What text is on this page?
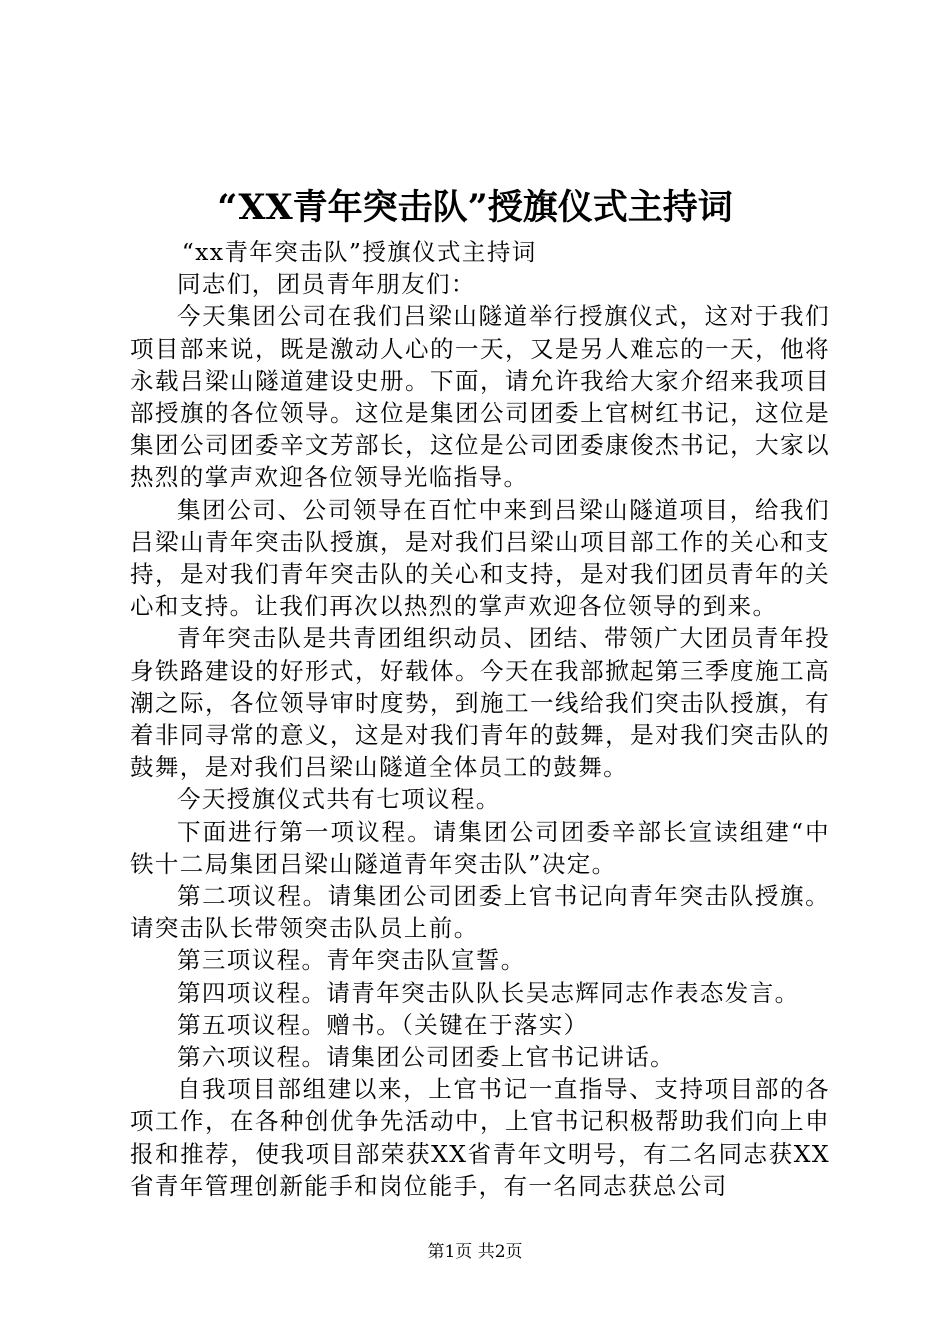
“XX青年突击队”授旗仪式主持词

“xx青年突击队”授旗仪式主持词

同志们，团员青年朋友们：

今天集团公司在我们吕梁山隧道举行授旗仪式，这对于我们项目部来说，既是激动人心的一天，又是另人难忘的一天，他将永载吕梁山隧道建设史册。下面，请允许我给大家介绍来我项目部授旗的各位领导。这位是集团公司团委上官树红书记，这位是集团公司团委辛文芳部长，这位是公司团委康俊杰书记，大家以热烈的掌声欢迎各位领导光临指导。

集团公司、公司领导在百忙中来到吕梁山隧道项目，给我们吕梁山青年突击队授旗，是对我们吕梁山项目部工作的关心和支持，是对我们青年突击队的关心和支持，是对我们团员青年的关心和支持。让我们再次以热烈的掌声欢迎各位领导的到来。

青年突击队是共青团组织动员、团结、带领广大团员青年投身铁路建设的好形式，好载体。今天在我部掀起第三季度施工高潮之际，各位领导审时度势，到施工一线给我们突击队授旗，有着非同寻常的意义，这是对我们青年的鼓舞，是对我们突击队的鼓舞，是对我们吕梁山隧道全体员工的鼓舞。

今天授旗仪式共有七项议程。

下面进行第一项议程。请集团公司团委辛部长宣读组建“中铁十二局集团吕梁山隧道青年突击队”决定。

第二项议程。请集团公司团委上官书记向青年突击队授旗。请突击队长带领突击队员上前。

第三项议程。青年突击队宣誓。

第四项议程。请青年突击队队长吴志辉同志作表态发言。

第五项议程。赠书。（关键在于落实）

第六项议程。请集团公司团委上官书记讲话。

自我项目部组建以来，上官书记一直指导、支持项目部的各项工作，在各种创优争先活动中，上官书记积极帮助我们向上申报和推荐，使我项目部荣获XX省青年文明号，有二名同志获XX省青年管理创新能手和岗位能手，有一名同志获总公司

第1页 共2页
